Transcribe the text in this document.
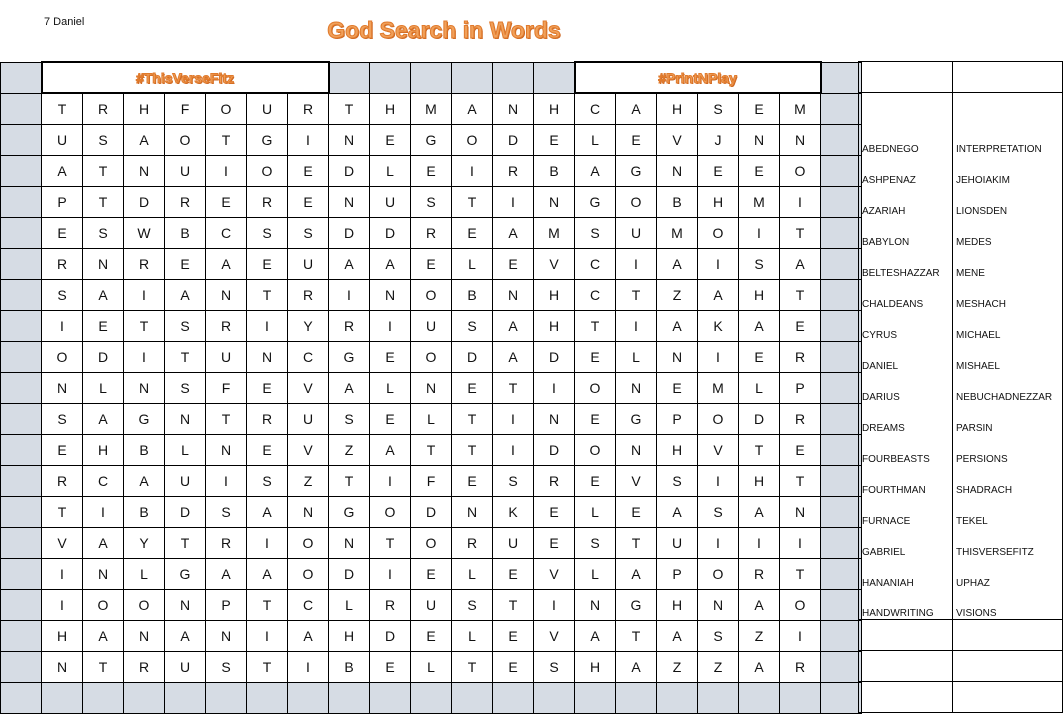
7 Daniel	God Search in Words
	#ThisVerseFitz													#PrintNPlay						
	T	R	H	F	O	U	R	T	H	M	A	N	H	C	A	H	S	E	M	
	U	S	A	O	T	G	I	N	E	G	O	D	E	L	E	V	J	N	N	
	A	T	N	U	I	O	E	D	L	E	I	R	B	A	G	N	E	E	O	
	P	T	D	R	E	R	E	N	U	S	T	I	N	G	O	B	H	M	I	
	E	S	W	B	C	S	S	D	D	R	E	A	M	S	U	M	O	I	T	
	R	N	R	E	A	E	U	A	A	E	L	E	V	C	I	A	I	S	A	
	S	A	I	A	N	T	R	I	N	O	B	N	H	C	T	Z	A	H	T	
	I	E	T	S	R	I	Y	R	I	U	S	A	H	T	I	A	K	A	E	
	O	D	I	T	U	N	C	G	E	O	D	A	D	E	L	N	I	E	R	
	N	L	N	S	F	E	V	A	L	N	E	T	I	O	N	E	M	L	P	
	S	A	G	N	T	R	U	S	E	L	T	I	N	E	G	P	O	D	R	
	E	H	B	L	N	E	V	Z	A	T	T	I	D	O	N	H	V	T	E	
	R	C	A	U	I	S	Z	T	I	F	E	S	R	E	V	S	I	H	T	
	T	I	B	D	S	A	N	G	O	D	N	K	E	L	E	A	S	A	N	
	V	A	Y	T	R	I	O	N	T	O	R	U	E	S	T	U	I	I	I	
	I	N	L	G	A	A	O	D	I	E	L	E	V	L	A	P	O	R	T	
	I	O	O	N	P	T	C	L	R	U	S	T	I	N	G	H	N	A	O	
	H	A	N	A	N	I	A	H	D	E	L	E	V	A	T	A	S	Z	I	
	N	T	R	U	S	T	I	B	E	L	T	E	S	H	A	Z	Z	A	R	

ABEDNEGO	INTERPRETATION
ASHPENAZ	JEHOIAKIM
AZARIAH	LIONSDEN
BABYLON	MEDES
BELTESHAZZAR	MENE
CHALDEANS	MESHACH
CYRUS	MICHAEL
DANIEL	MISHAEL
DARIUS	NEBUCHADNEZZAR
DREAMS	PARSIN
FOURBEASTS	PERSIONS
FOURTHMAN	SHADRACH
FURNACE	TEKEL
GABRIEL	THISVERSEFITZ
HANANIAH	UPHAZ
HANDWRITING	VISIONS
